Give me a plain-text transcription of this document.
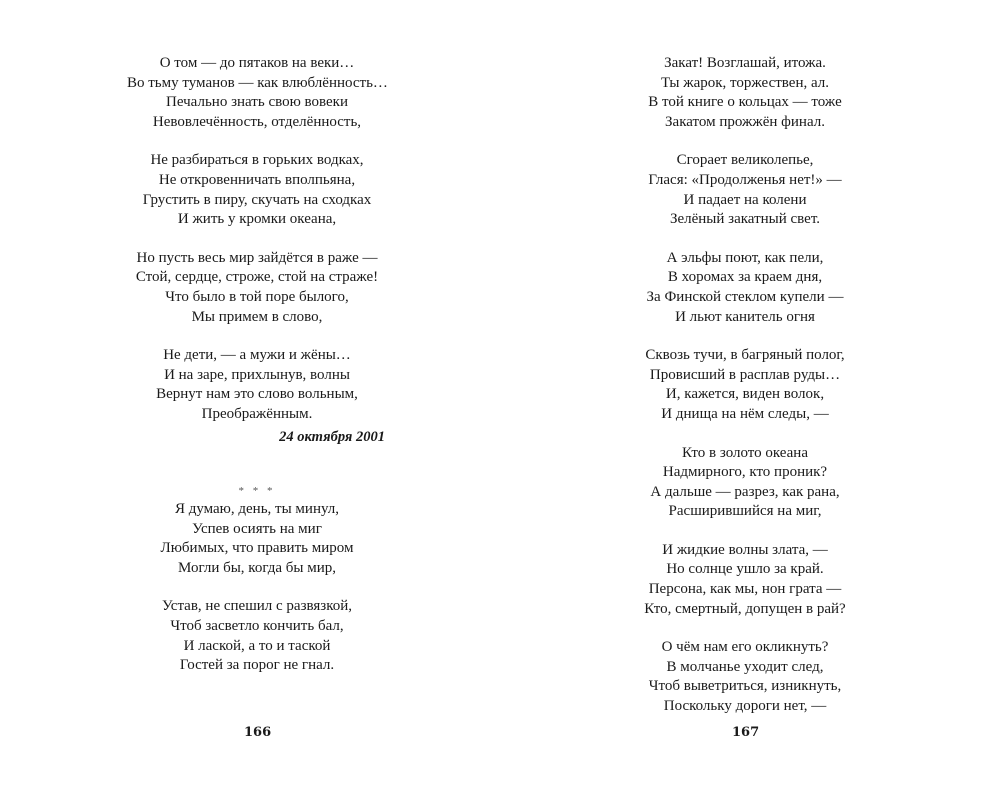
О том — до пятаков на веки…
Во тьму туманов — как влюблённость…
Печально знать свою вовеки
Невовлечённость, отделённость,
Не разбираться в горьких водках,
Не откровенничать вполпьяна,
Грустить в пиру, скучать на сходках
И жить у кромки океана,
Но пусть весь мир зайдётся в раже —
Стой, сердце, строже, стой на страже!
Что было в той поре былого,
Мы примем в слово,
Не дети, — а мужи и жёны…
И на заре, прихлынув, волны
Вернут нам это слово вольным,
Преображённым.
24 октября 2001
* * *
Я думаю, день, ты минул,
Успев осиять на миг
Любимых, что править миром
Могли бы, когда бы мир,
Устав, не спешил с развязкой,
Чтоб засветло кончить бал,
И лаской, а то и таской
Гостей за порог не гнал.
166
Закат! Возглашай, итожа.
Ты жарок, торжествен, ал.
В той книге о кольцах — тоже
Закатом прожжён финал.
Сгорает великолепье,
Глася: «Продолженья нет!» —
И падает на колени
Зелёный закатный свет.
А эльфы поют, как пели,
В хоромах за краем дня,
За Финской стеклом купели —
И льют канитель огня
Сквозь тучи, в багряный полог,
Провисший в расплав руды…
И, кажется, виден волок,
И днища на нём следы, —
Кто в золото океана
Надмирного, кто проник?
А дальше — разрез, как рана,
Расширившийся на миг,
И жидкие волны злата, —
Но солнце ушло за край.
Персона, как мы, нон грата —
Кто, смертный, допущен в рай?
О чём нам его окликнуть?
В молчанье уходит след,
Чтоб выветриться, изникнуть,
Поскольку дороги нет, —
167
